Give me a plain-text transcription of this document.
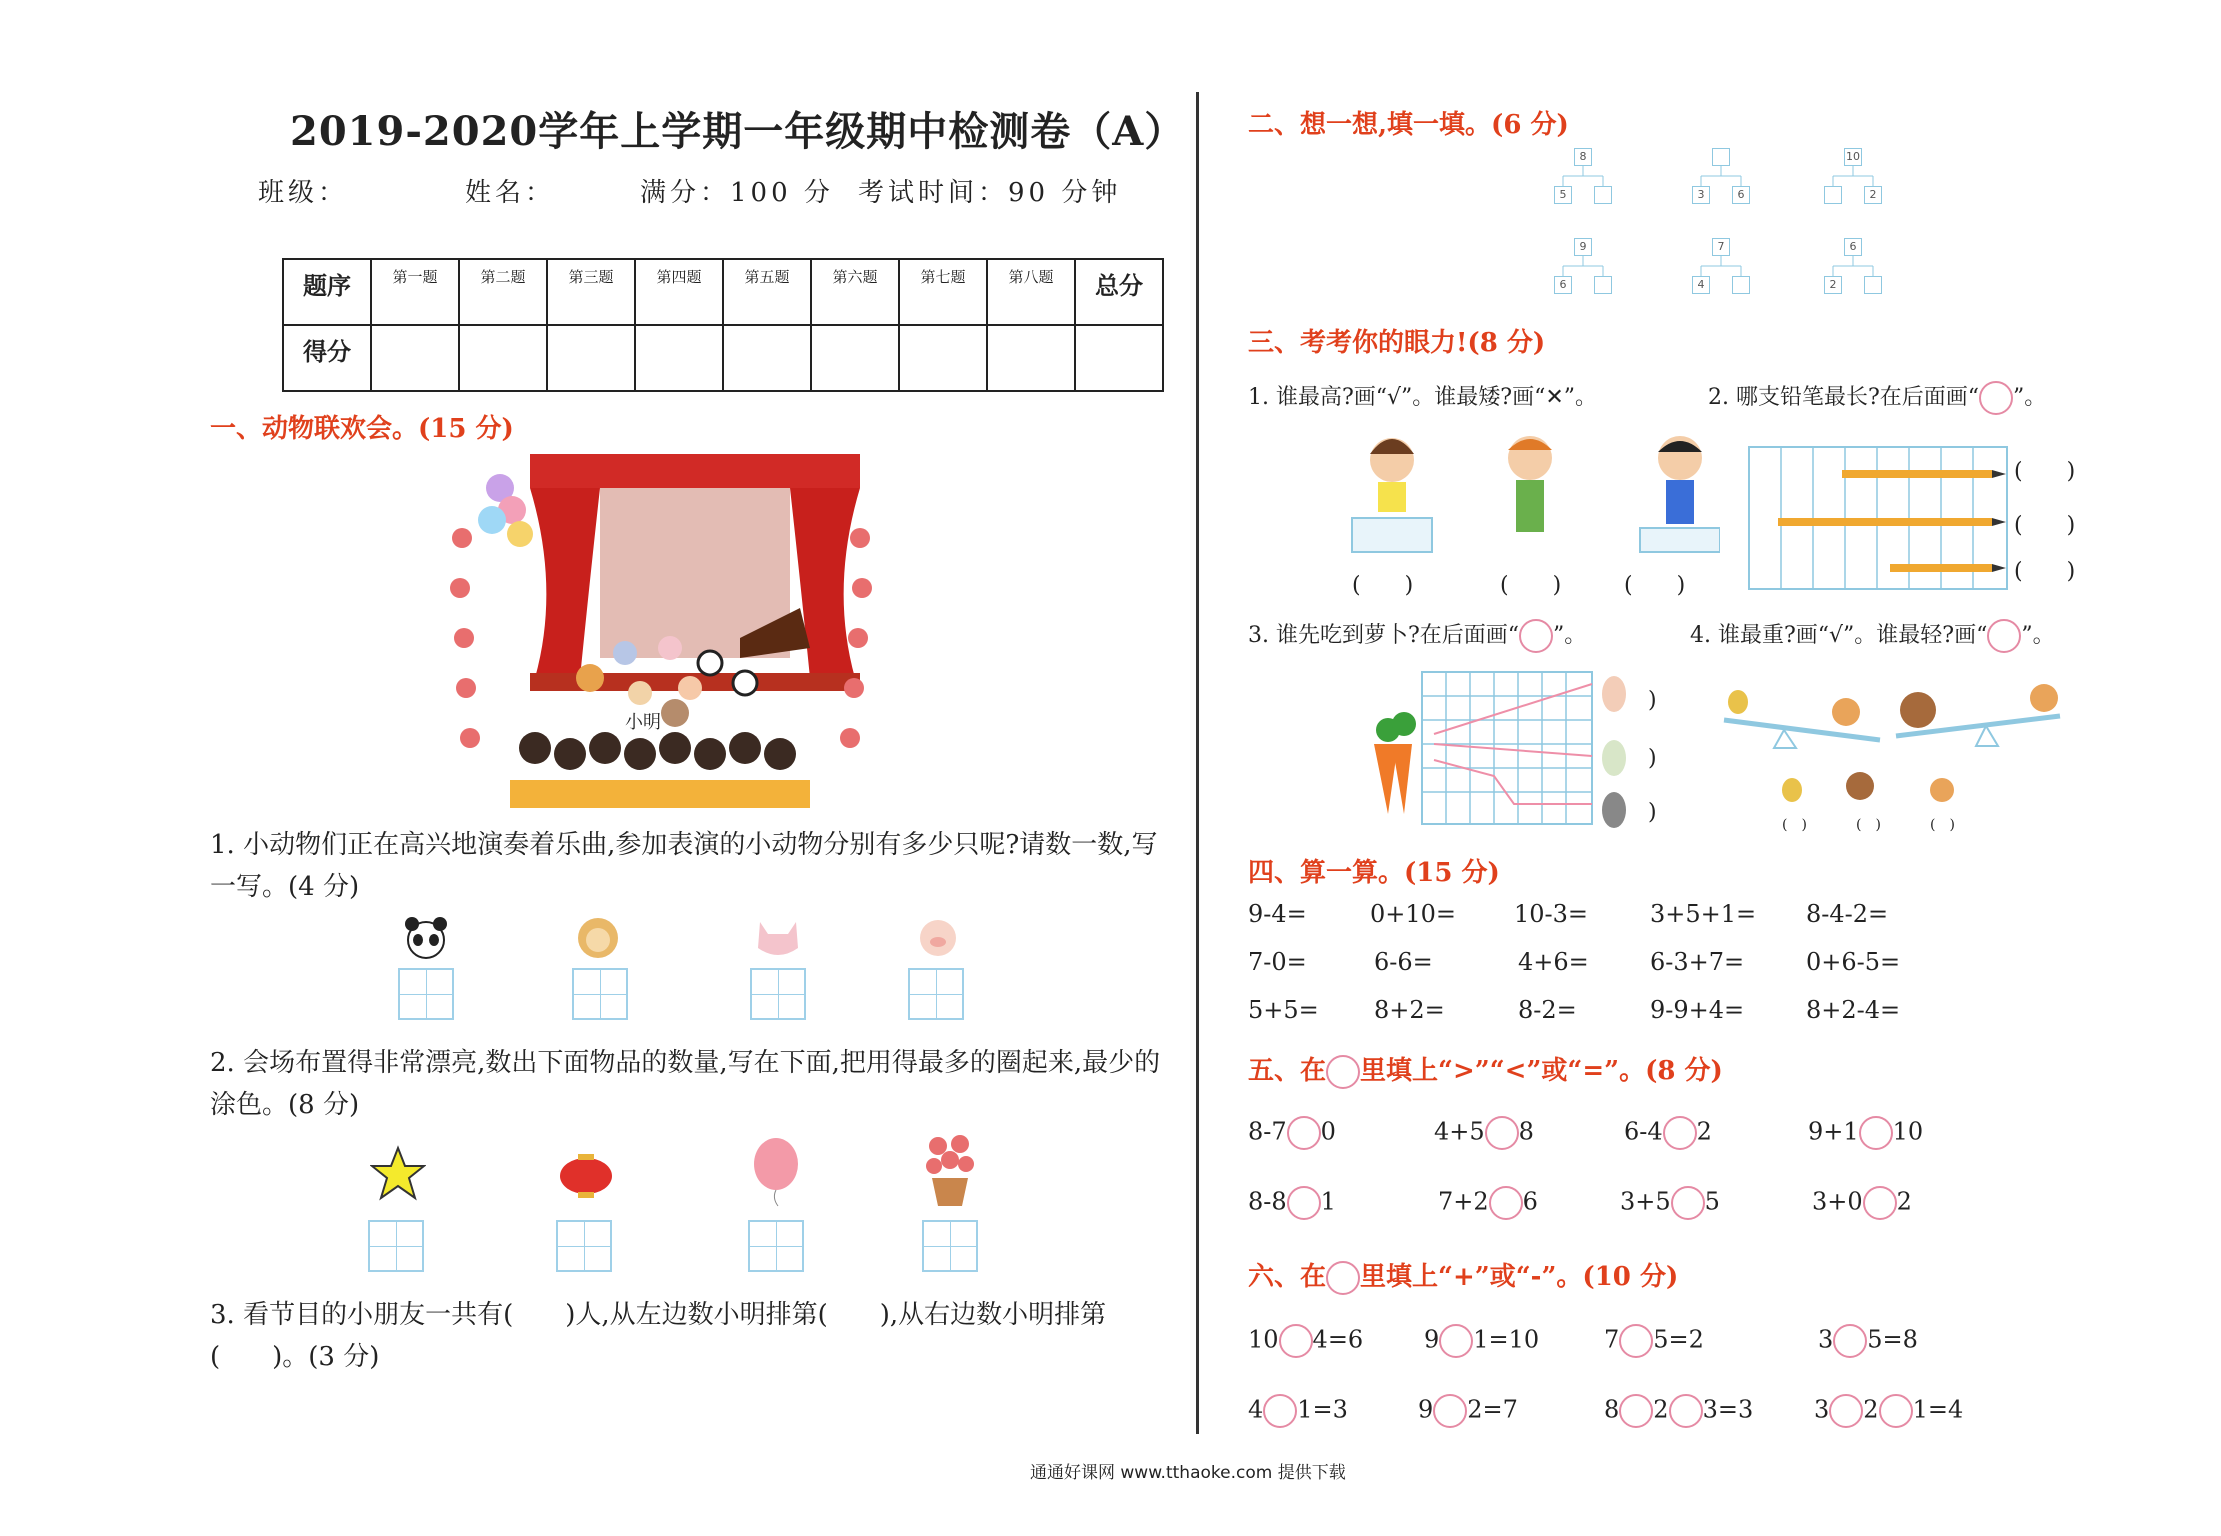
2019-2020学年上学期一年级期中检测卷（A）
班级：	姓名：	满分：100 分 考试时间：90 分钟
题序	第一题	第二题	第三题	第四题	第五题	第六题	第七题	第八题	总分
得分									
一、动物联欢会。(15 分)
小明
1. 小动物们正在高兴地演奏着乐曲,参加表演的小动物分别有多少只呢?请数一数,写一写。(4 分)
2. 会场布置得非常漂亮,数出下面物品的数量,写在下面,把用得最多的圈起来,最少的涂色。(8 分)
3. 看节目的小朋友一共有(　　)人,从左边数小明排第(　　),从右边数小明排第(　　)。(3 分)
二、想一想,填一填。(6 分)
8
5	3	6
10
2
9
6
7
4
6
2
三、考考你的眼力!(8 分)
1. 谁最高?画“√”。谁最矮?画“✕”。	2. 哪支铅笔最长?在后面画“ ”。
(　　)	(　　)	(　　)
(　　)
(　　)
(　　)
3. 谁先吃到萝卜?在后面画“ ”。	4. 谁最重?画“√”。谁最轻?画“ ”。
)
)
)	(　)	(　)	(　)
四、算一算。(15 分)
9-4=	0+10= 10-3=	3+5+1= 8-4-2=
7-0=	6-6=	4+6=	6-3+7=	0+6-5=
5+5= 8+2=	8-2=	9-9+4=	8+2-4=
五、在 里填上“>”“<”或“=”。(8 分)
8-7 0	4+5 8	6-4 2	9+1 10
8-8 1	7+2 6	3+5 5	3+0 2
六、在 里填上“+”或“-”。(10 分)
10 4=6	9 1=10	7 5=2	3 5=8
4 1=3	9 2=7	8 2 3=3	3 2 1=4
通通好课网 www.tthaoke.com 提供下载
